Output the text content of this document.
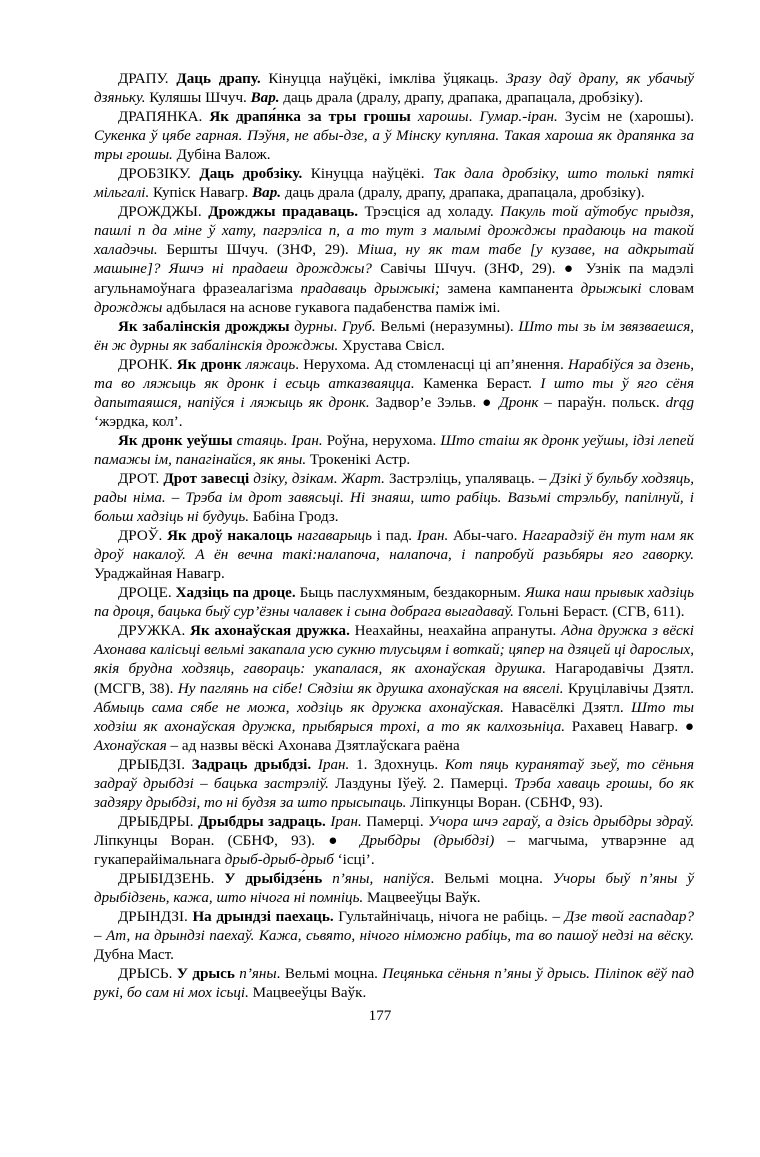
ДРАПУ. Даць драпу. Кінуцца наўцёкі, імкліва ўцякаць. Зразу даў драпу, як убачыў дзяньку. Куляшы Шчуч. Вар. даць драла (дралу, драпу, драпака, драпацала, дробзіку).

ДРАПЯНКА. Як драпя́нка за тры грошы харошы. Гумар.-іран. Зусім не (харошы). Сукенка ў цябе гарная. Пэўня, не абы-дзе, а ў Мінску купляна. Такая хароша як драпянка за тры грошы. Дубіна Валож.

ДРОБЗІКУ. Даць дробзіку. Кінуцца наўцёкі. Так дала дробзіку, што толькі пяткі мільгалі. Купіск Навагр. Вар. даць драла (дралу, драпу, драпака, драпацала, дробзіку).

ДРОЖДЖЫ. Дрожджы прадаваць. Трэсціся ад холаду. Пакуль той аўтобус прыдзя, пашлі п да міне ў хату, пагрэліса п, а то тут з малымі дрожджы прадаюць на такой халадэчы. Бершты Шчуч. (ЗНФ, 29). Міша, ну як там табе [у кузаве, на адкрытай машыне]? Яшчэ ні прадаеш дрожджы? Савічы Шчуч. (ЗНФ, 29). ● Узнік па мадэлі агульнамоўнага фразеалагізма прадаваць дрыжыкі; замена кампанента дрыжыкі словам дрожджы адбылася на аснове гукавога падабенства паміж імі.

Як забалінскія дрожджы дурны. Груб. Вельмі (неразумны). Што ты зь ім звязваешся, ён ж дурны як забалінскія дрожджы. Хрустава Свісл.

ДРОНК. Як дронк ляжаць. Нерухома. Ад стомленасці ці ап’янення. Нарабіўся за дзень, та во ляжыць як дронк і есьць атказваяцца. Каменка Бераст. І што ты ў яго сёня дапытаяшся, напіўся і ляжыць як дронк. Задвор’е Зэльв. ● Дронк – параўн. польск. drąg ‘жэрдка, кол’.

Як дронк уеўшы стаяць. Іран. Роўна, нерухома. Што стаіш як дронк уеўшы, ідзі лепей памажы ім, панагінайся, як яны. Трокенікі Астр.

ДРОТ. Дрот завесці дзіку, дзікам. Жарт. Застрэліць, упаляваць. – Дзікі ў бульбу ходзяць, рады німа. – Трэба ім дрот завясьці. Ні знаяш, што рабіць. Вазьмі стрэльбу, папілнуй, і больш хадзіць ні будуць. Бабіна Гродз.

ДРОЎ. Як дроў накалоць нагаварыць і пад. Іран. Абы-чаго. Нагарадзіў ён тут нам як дроў накалоў. А ён вечна такі:налапоча, налапоча, і папробуй разьбяры яго гаворку. Ураджайная Навагр.

ДРОЦЕ. Хадзіць па дроце. Быць паслухмяным, бездакорным. Яшка наш прывык хадзіць па дроця, бацька быў сур’ёзны чалавек і сына добрага выгадаваў. Гольні Бераст. (СГВ, 611).

ДРУЖКА. Як ахонаўская дружка. Неахайны, неахайна апрануты. Адна дружка з вёскі Ахонава калісьці вельмі закапала усю сукню тлусьцям і воткай; цяпер на дзяцей ці дарослых, якія брудна ходзяць, гавораць: укапалася, як ахонаўская друшка. Нагародавічы Дзятл. (МСГВ, 38). Ну паглянь на сібе! Сядзіш як друшка ахонаўская на вяселі. Круцілавічы Дзятл. Абмыць сама сябе не можа, ходзіць як дружка ахонаўская. Навасёлкі Дзятл. Што ты ходзіш як ахонаўская дружка, прыбярыся трохі, а то як калхозьніца. Рахавец Навагр. ● Ахонаўская – ад назвы вёскі Ахонава Дзятлаўскага раёна

ДРЫБДЗІ. Задраць дрыбдзі. Іран. 1. Здохнуць. Кот пяць куранятаў зьеў, то сёньня задраў дрыбдзі – бацька застрэліў. Лаздуны Іўеў. 2. Памерці. Трэба хаваць грошы, бо як задзяру дрыбдзі, то ні будзя за што прысыпаць. Ліпкунцы Воран. (СБНФ, 93).

ДРЫБДРЫ. Дрыбдры задраць. Іран. Памерці. Учора шчэ гараў, а дзісь дрыбдры здраў. Ліпкунцы Воран. (СБНФ, 93). ● Дрыбдры (дрыбдзі) – магчыма, утварэнне ад гукаперайімальнага дрыб-дрыб-дрыб ‘ісці’.

ДРЫБІДЗЕНЬ. У дрыбідзе́нь п’яны, напіўся. Вельмі моцна. Учоры быў п’яны ў дрыбідзень, кажа, што нічога ні помніць. Мацвееўцы Ваўк.

ДРЫНДЗІ. На дрындзі паехаць. Гультайнічаць, нічога не рабіць. – Дзе твой гаспадар? – Ат, на дрындзі паехаў. Кажа, сьвято, нічого німожно рабіць, та во пашоў недзі на вёску. Дубна Маст.

ДРЫСЬ. У дрысь п’яны. Вельмі моцна. Пецянька сёньня п’яны ў дрысь. Піліпок вёў пад рукі, бо сам ні мох ісьці. Мацвееўцы Ваўк.

177
